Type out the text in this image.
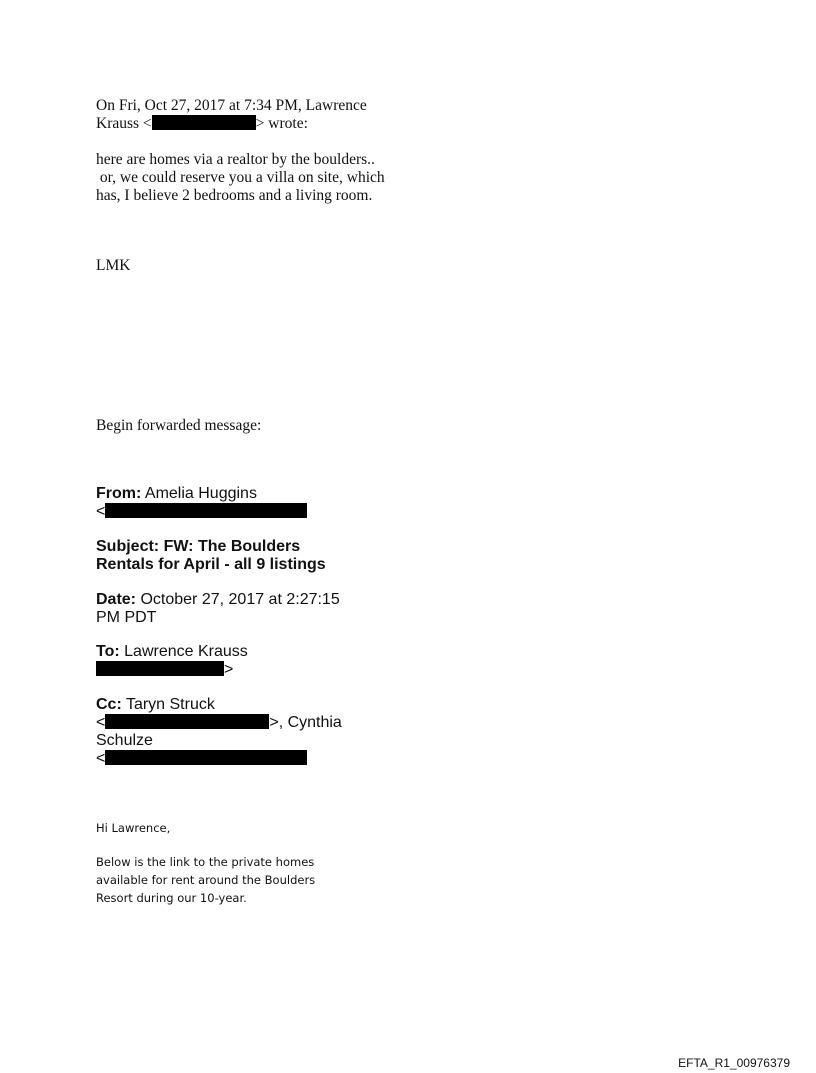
On Fri, Oct 27, 2017 at 7:34 PM, Lawrence
Krauss <	> wrote:
here are homes via a realtor by the boulders..
or, we could reserve you a villa on site, which
has, I believe 2 bedrooms and a living room.
LMK
Begin forwarded message:
From: Amelia Huggins
<
Subject: FW: The Boulders
Rentals for April - all 9 listings
Date: October 27, 2017 at 2:27:15
PM PDT
To: Lawrence Krauss
>
Cc: Taryn Struck
<	>, Cynthia
Schulze
<
Hi Lawrence,
Below is the link to the private homes
available for rent around the Boulders
Resort during our 10-year.
EFTA_R1_00976379
